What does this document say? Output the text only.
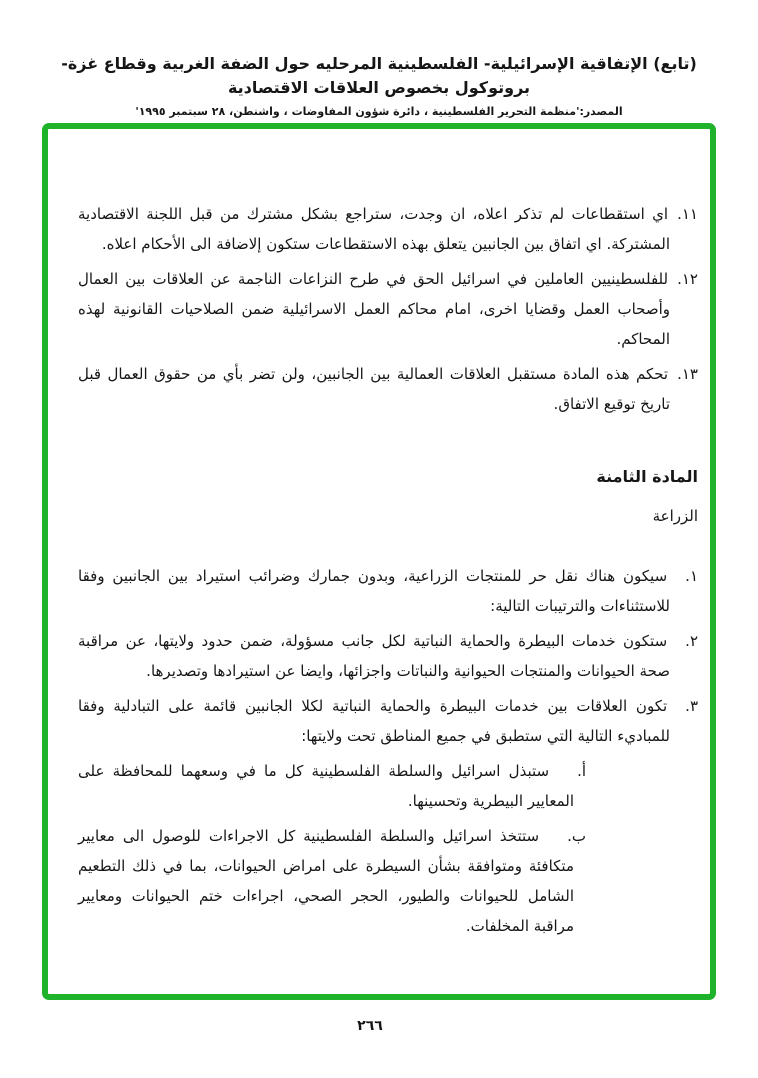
(تابع) الإتفاقية الإسرائيلية- الفلسطينية المرحليه حول الضفة الغربية وقطاع غزة- بروتوكول بخصوص العلاقات الاقتصادية
المصدر:'منظمة التحرير الفلسطينية ، دائرة شؤون المفاوضات ، واشنطن، ٢٨ سبتمبر ١٩٩٥'

١١.اي استقطاعات لم تذكر اعلاه، ان وجدت، ستراجع بشكل مشترك من قبل اللجنة الاقتصادية المشتركة. اي اتفاق بين الجانبين يتعلق بهذه الاستقطاعات ستكون إلاضافة الى الأحكام اعلاه.

١٢.للفلسطينيين العاملين في اسرائيل الحق في طرح النزاعات الناجمة عن العلاقات بين العمال وأصحاب العمل وقضايا اخرى، امام محاكم العمل الاسرائيلية ضمن الصلاحيات القانونية لهذه المحاكم.

١٣.تحكم هذه المادة مستقبل العلاقات العمالية بين الجانبين، ولن تضر بأي من حقوق العمال قبل تاريخ توقيع الاتفاق.

المادة الثامنة
الزراعة

١.سيكون هناك نقل حر للمنتجات الزراعية، وبدون جمارك وضرائب استيراد بين الجانبين وفقا للاستثناءات والترتيبات التالية:

٢.ستكون خدمات البيطرة والحماية النباتية لكل جانب مسؤولة، ضمن حدود ولايتها، عن مراقبة صحة الحيوانات والمنتجات الحيوانية والنباتات واجزائها، وايضا عن استيرادها وتصديرها.

٣.تكون العلاقات بين خدمات البيطرة والحماية النباتية لكلا الجانبين قائمة على التبادلية وفقا للمباديء التالية التي ستطبق في جميع المناطق تحت ولايتها:

أ.ستبذل اسرائيل والسلطة الفلسطينية كل ما في وسعهما للمحافظة على المعايير البيطرية وتحسينها.

ب.ستتخذ اسرائيل والسلطة الفلسطينية كل الاجراءات للوصول الى معايير متكافئة ومتوافقة بشأن السيطرة على امراض الحيوانات، بما في ذلك التطعيم الشامل للحيوانات والطيور، الحجر الصحي، اجراءات ختم الحيوانات ومعايير مراقبة المخلفات.

٢٦٦
